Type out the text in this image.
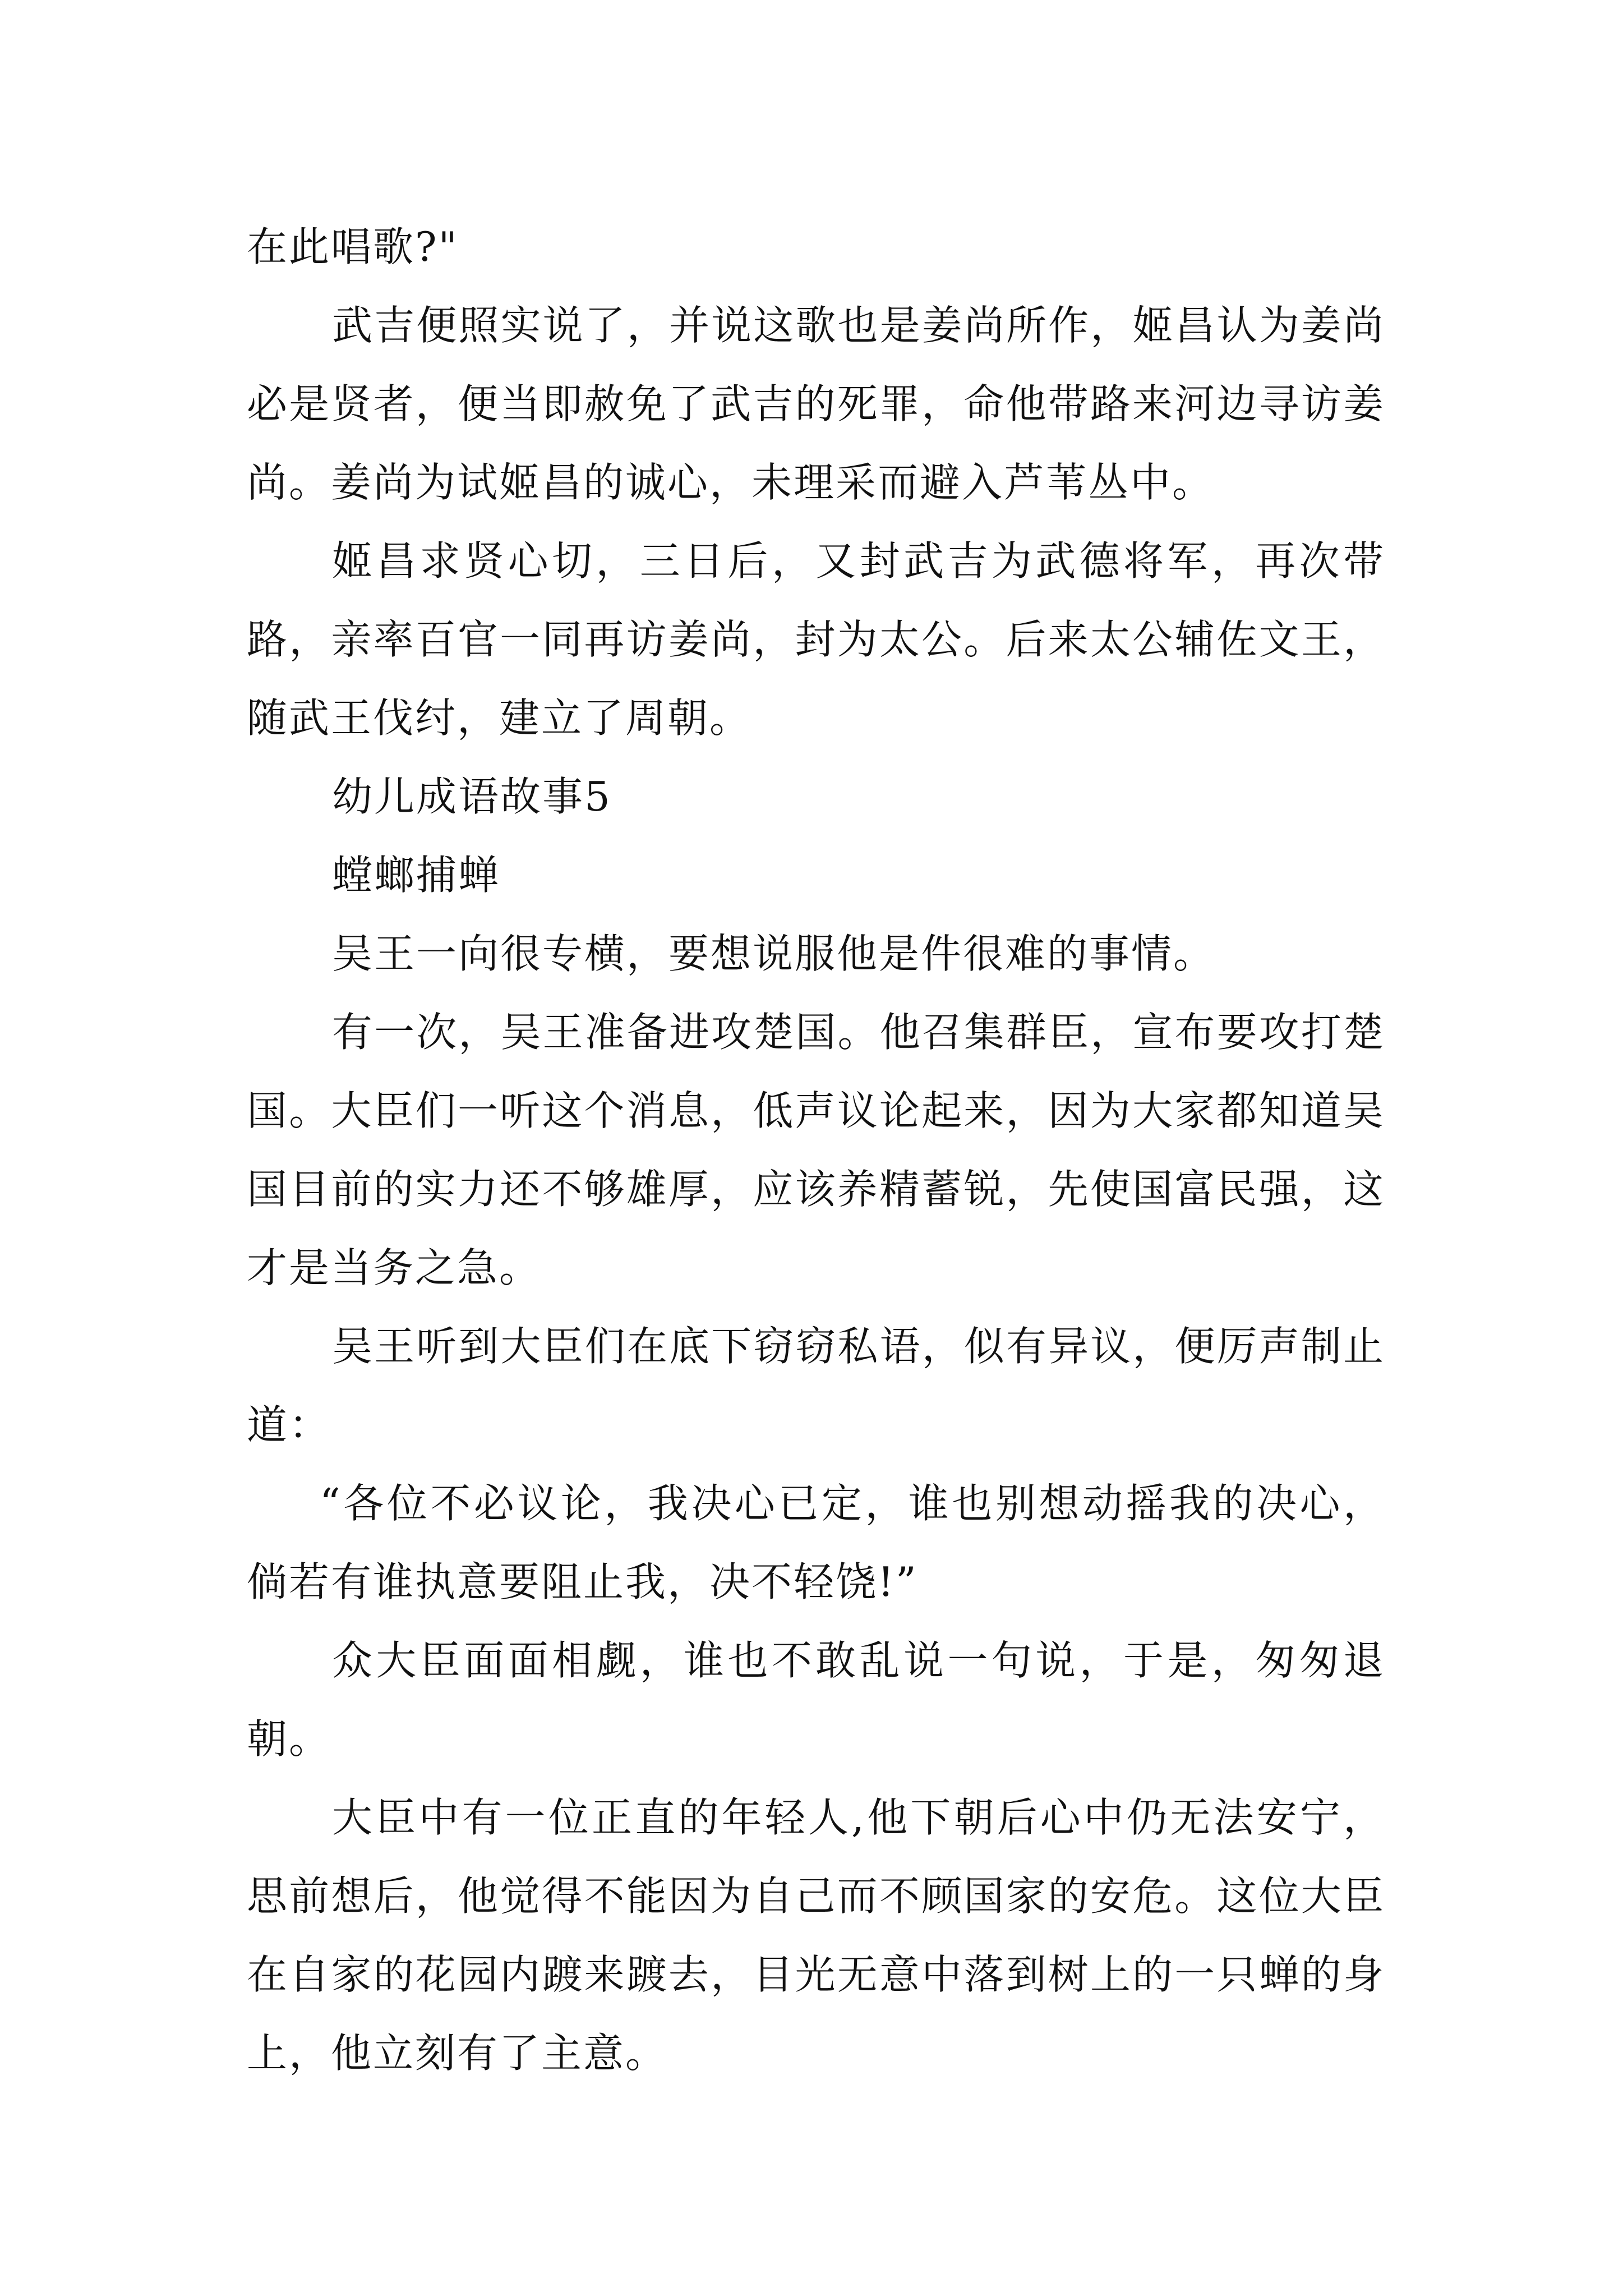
在此唱歌?"

武吉便照实说了，并说这歌也是姜尚所作，姬昌认为姜尚必是贤者，便当即赦免了武吉的死罪，命他带路来河边寻访姜尚。姜尚为试姬昌的诚心，未理采而避入芦苇丛中。

姬昌求贤心切，三日后，又封武吉为武德将军，再次带路，亲率百官一同再访姜尚，封为太公。后来太公辅佐文王，随武王伐纣，建立了周朝。

幼儿成语故事5

螳螂捕蝉

吴王一向很专横，要想说服他是件很难的事情。

有一次，吴王准备进攻楚国。他召集群臣，宣布要攻打楚国。大臣们一听这个消息，低声议论起来，因为大家都知道吴国目前的实力还不够雄厚，应该养精蓄锐，先使国富民强，这才是当务之急。

吴王听到大臣们在底下窃窃私语，似有异议，便厉声制止道：

“各位不必议论，我决心已定，谁也别想动摇我的决心，倘若有谁执意要阻止我，决不轻饶!”

众大臣面面相觑，谁也不敢乱说一句说，于是，匆匆退朝。

大臣中有一位正直的年轻人,他下朝后心中仍无法安宁，思前想后，他觉得不能因为自己而不顾国家的安危。这位大臣在自家的花园内踱来踱去，目光无意中落到树上的一只蝉的身上，他立刻有了主意。
